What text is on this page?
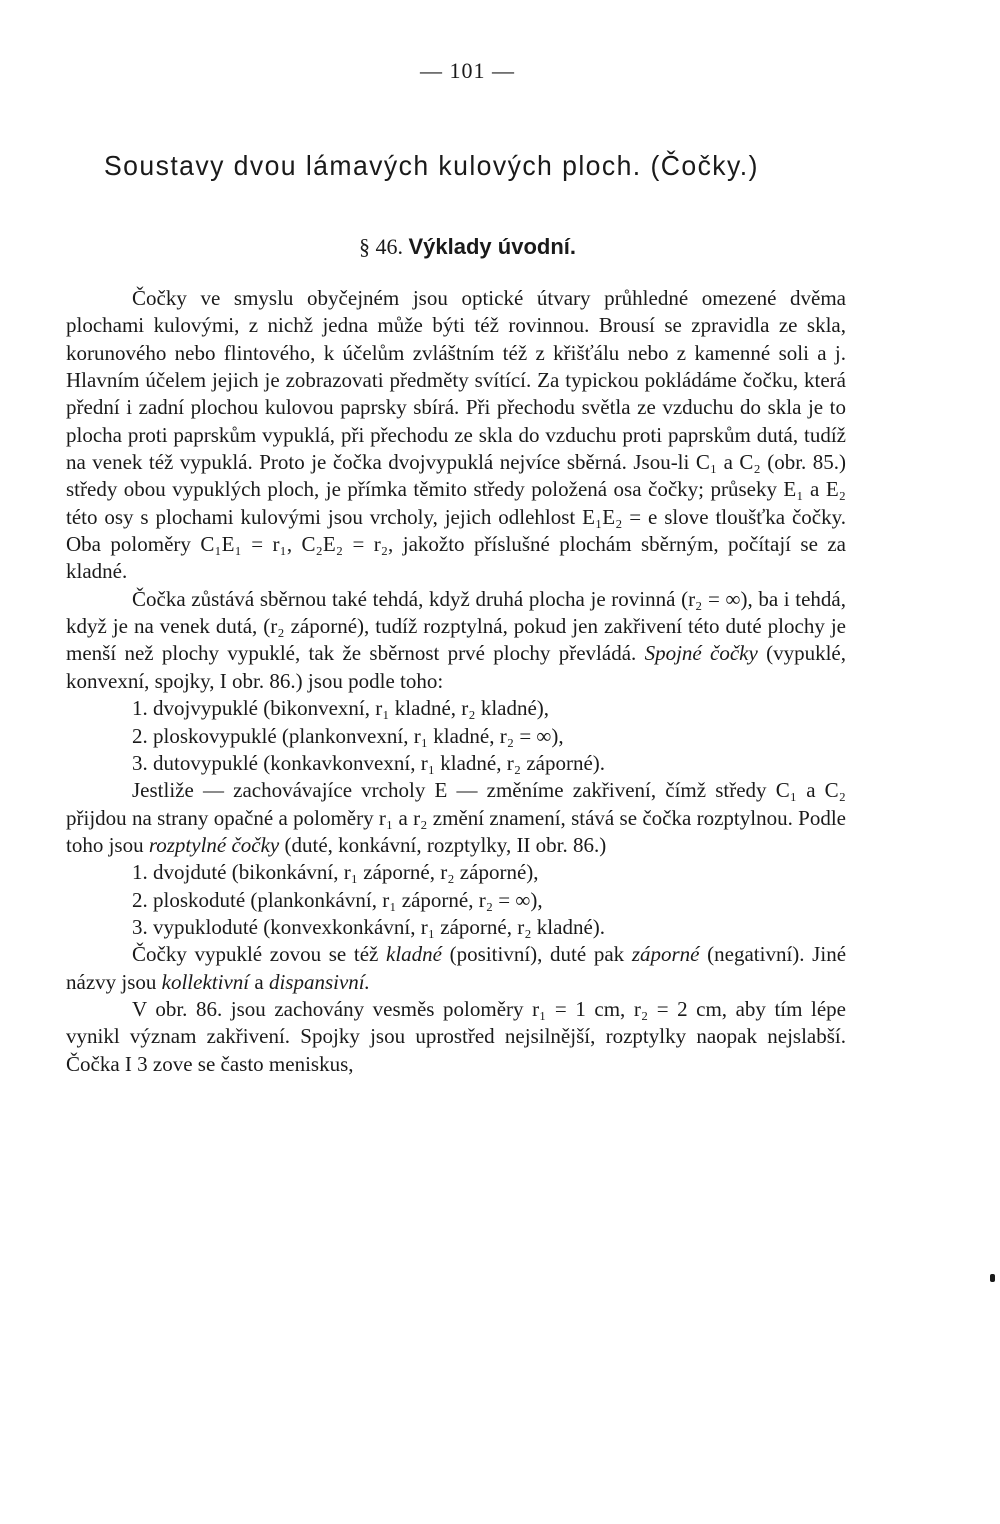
— 101 —
Soustavy dvou lámavých kulových ploch. (Čočky.)
§ 46. Výklady úvodní.

Čočky ve smyslu obyčejném jsou optické útvary průhledné omezené dvěma plochami kulovými, z nichž jedna může býti též rovinnou. Brousí se zpravidla ze skla, korunového nebo flintového, k účelům zvláštním též z křišťálu nebo z kamenné soli a j. Hlavním účelem jejich je zobrazovati předměty svítící. Za typickou pokládáme čočku, která přední i zadní plochou kulovou paprsky sbírá. Při přechodu světla ze vzduchu do skla je to plocha proti paprskům vypuklá, při přechodu ze skla do vzduchu proti paprskům dutá, tudíž na venek též vypuklá. Proto je čočka dvojvypuklá nejvíce sběrná. Jsou-li C₁ a C₂ (obr. 85.) středy obou vypuklých ploch, je přímka těmito středy položená osa čočky; průseky E₁ a E₂ této osy s plochami kulovými jsou vrcholy, jejich odlehlost E₁E₂ = e slove tloušťka čočky. Oba poloměry C₁E₁ = r₁, C₂E₂ = r₂, jakožto příslušné plochám sběrným, počítají se za kladné.

Čočka zůstává sběrnou také tehdá, když druhá plocha je rovinná (r₂ = ∞), ba i tehdá, když je na venek dutá, (r₂ záporné), tudíž rozptylná, pokud jen zakřivení této duté plochy je menší než plochy vypuklé, tak že sběrnost prvé plochy převládá. Spojné čočky (vypuklé, konvexní, spojky, I obr. 86.) jsou podle toho:

1. dvojvypuklé (bikonvexní, r₁ kladné, r₂ kladné),
2. ploskovypuklé (plankonvexní, r₁ kladné, r₂ = ∞),
3. dutovypuklé (konkavkonvexní, r₁ kladné, r₂ záporné).

Jestliže — zachovávajíce vrcholy E — změníme zakřivení, čímž středy C₁ a C₂ přijdou na strany opačné a poloměry r₁ a r₂ změní znamení, stává se čočka rozptylnou. Podle toho jsou rozptylné čočky (duté, konkávní, rozptylky, II obr. 86.)

1. dvojduté (bikonkávní, r₁ záporné, r₂ záporné),
2. ploskoduté (plankonkávní, r₁ záporné, r₂ = ∞),
3. vypukloduté (konvexkonkávní, r₁ záporné, r₂ kladné).

Čočky vypuklé zovou se též kladné (positivní), duté pak záporné (negativní). Jiné názvy jsou kollektivní a dispansivní.

V obr. 86. jsou zachovány vesměs poloměry r₁ = 1 cm, r₂ = 2 cm, aby tím lépe vynikl význam zakřivení. Spojky jsou uprostřed nejsilnější, rozptylky naopak nejslabší. Čočka I 3 zove se často meniskus,
